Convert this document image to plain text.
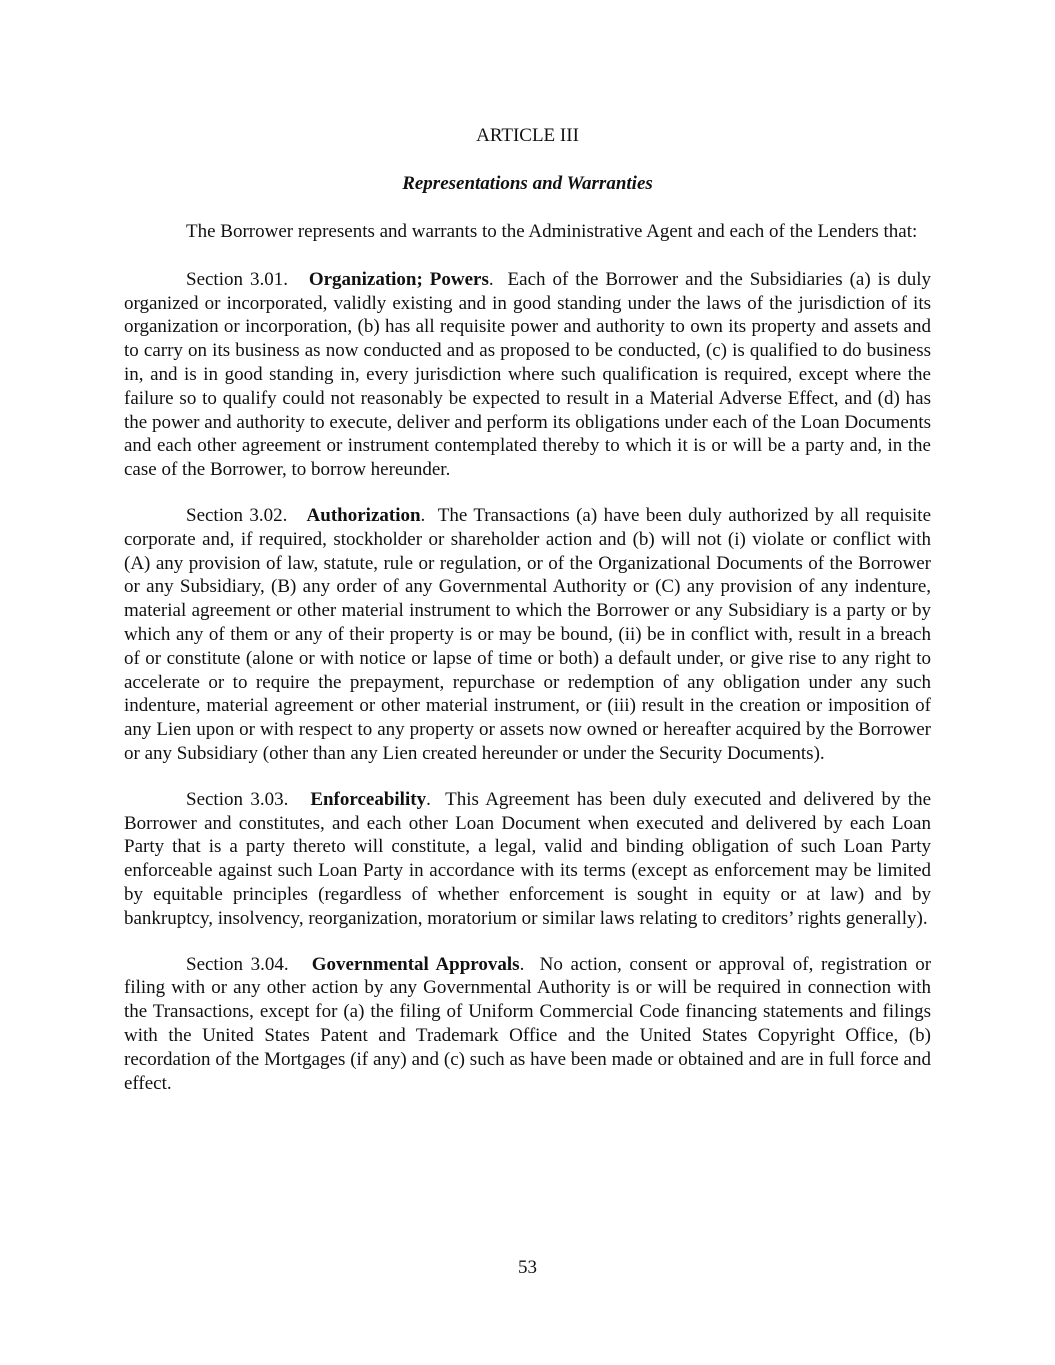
ARTICLE III

Representations and Warranties

The Borrower represents and warrants to the Administrative Agent and each of the Lenders that:

Section 3.01. Organization; Powers.  Each of the Borrower and the Subsidiaries (a) is duly organized or incorporated, validly existing and in good standing under the laws of the jurisdiction of its organization or incorporation, (b) has all requisite power and authority to own its property and assets and to carry on its business as now conducted and as proposed to be conducted, (c) is qualified to do business in, and is in good standing in, every jurisdiction where such qualification is required, except where the failure so to qualify could not reasonably be expected to result in a Material Adverse Effect, and (d) has the power and authority to execute, deliver and perform its obligations under each of the Loan Documents and each other agreement or instrument contemplated thereby to which it is or will be a party and, in the case of the Borrower, to borrow hereunder.

Section 3.02. Authorization.  The Transactions (a) have been duly authorized by all requisite corporate and, if required, stockholder or shareholder action and (b) will not (i) violate or conflict with (A) any provision of law, statute, rule or regulation, or of the Organizational Documents of the Borrower or any Subsidiary, (B) any order of any Governmental Authority or (C) any provision of any indenture, material agreement or other material instrument to which the Borrower or any Subsidiary is a party or by which any of them or any of their property is or may be bound, (ii) be in conflict with, result in a breach of or constitute (alone or with notice or lapse of time or both) a default under, or give rise to any right to accelerate or to require the prepayment, repurchase or redemption of any obligation under any such indenture, material agreement or other material instrument, or (iii) result in the creation or imposition of any Lien upon or with respect to any property or assets now owned or hereafter acquired by the Borrower or any Subsidiary (other than any Lien created hereunder or under the Security Documents).

Section 3.03. Enforceability.  This Agreement has been duly executed and delivered by the Borrower and constitutes, and each other Loan Document when executed and delivered by each Loan Party that is a party thereto will constitute, a legal, valid and binding obligation of such Loan Party enforceable against such Loan Party in accordance with its terms (except as enforcement may be limited by equitable principles (regardless of whether enforcement is sought in equity or at law) and by bankruptcy, insolvency, reorganization, moratorium or similar laws relating to creditors’ rights generally).

Section 3.04. Governmental Approvals.  No action, consent or approval of, registration or filing with or any other action by any Governmental Authority is or will be required in connection with the Transactions, except for (a) the filing of Uniform Commercial Code financing statements and filings with the United States Patent and Trademark Office and the United States Copyright Office, (b) recordation of the Mortgages (if any) and (c) such as have been made or obtained and are in full force and effect.

53
